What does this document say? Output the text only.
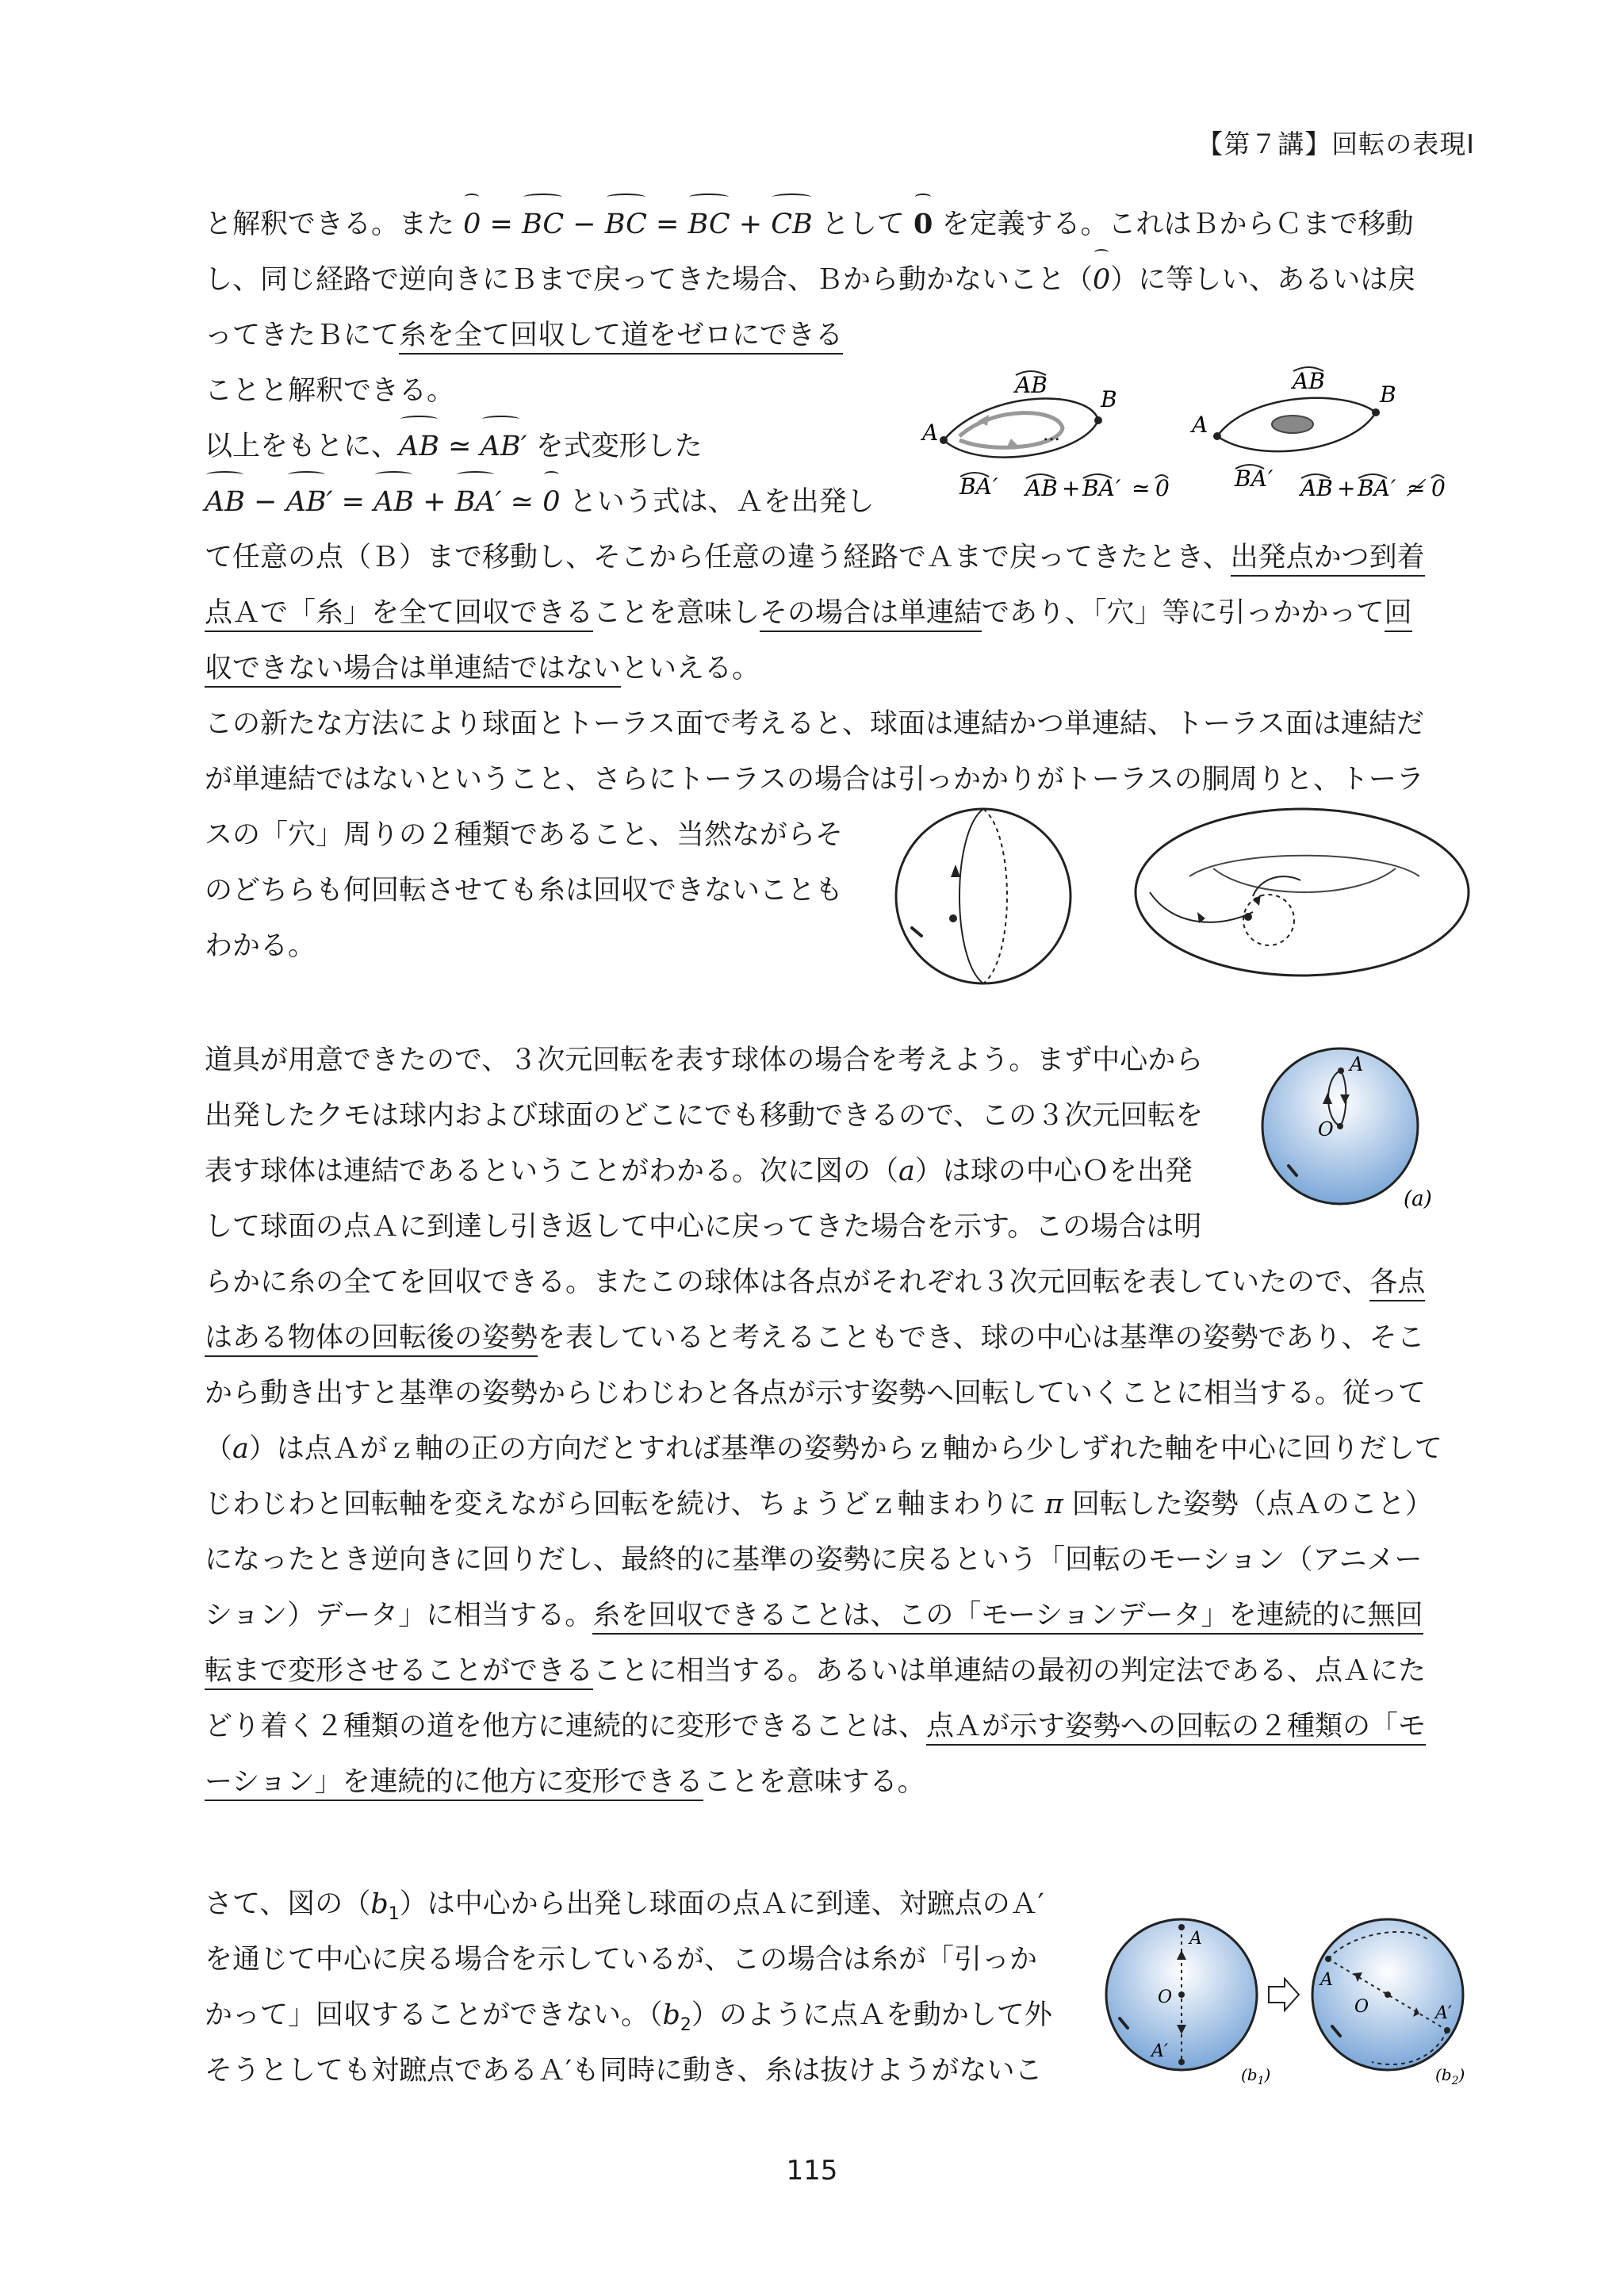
【第７講】回転の表現Ⅰ
と解釈できる。また 0 = BC − BC = BC + CB として 0 を定義する。これはＢからＣまで移動
し、同じ経路で逆向きにＢまで戻ってきた場合、Ｂから動かないこと（0）に等しい、あるいは戻
ってきたＢにて糸を全て回収して道をゼロにできる
ことと解釈できる。
以上をもとに、AB ≃ AB′ を式変形した
AB − AB′ = AB + BA′ ≃ 0 という式は、Ａを出発し
て任意の点（Ｂ）まで移動し、そこから任意の違う経路でＡまで戻ってきたとき、出発点かつ到着
点Ａで「糸」を全て回収できることを意味しその場合は単連結であり、「穴」等に引っかかって回
収できない場合は単連結ではないといえる。
A
B
AB
…
BA ′ AB + BA ′ ≃ 0
A
B
AB
BA ′ AB + BA ′ ≄ 0
この新たな方法により球面とトーラス面で考えると、球面は連結かつ単連結、トーラス面は連結だ
が単連結ではないということ、さらにトーラスの場合は引っかかりがトーラスの胴周りと、トーラ
スの「穴」周りの２種類であること、当然ながらそ
のどちらも何回転させても糸は回収できないことも
わかる。
道具が用意できたので、３次元回転を表す球体の場合を考えよう。まず中心から
出発したクモは球内および球面のどこにでも移動できるので、この３次元回転を
表す球体は連結であるということがわかる。次に図の（a）は球の中心Ｏを出発
して球面の点Ａに到達し引き返して中心に戻ってきた場合を示す。この場合は明
らかに糸の全てを回収できる。またこの球体は各点がそれぞれ３次元回転を表していたので、各点
はある物体の回転後の姿勢を表していると考えることもでき、球の中心は基準の姿勢であり、そこ
から動き出すと基準の姿勢からじわじわと各点が示す姿勢へ回転していくことに相当する。従って
（a）は点Ａがｚ軸の正の方向だとすれば基準の姿勢からｚ軸から少しずれた軸を中心に回りだして
じわじわと回転軸を変えながら回転を続け、ちょうどｚ軸まわりに π 回転した姿勢（点Ａのこと）
になったとき逆向きに回りだし、最終的に基準の姿勢に戻るという「回転のモーション（アニメー
ション）データ」に相当する。糸を回収できることは、この「モーションデータ」を連続的に無回
転まで変形させることができることに相当する。あるいは単連結の最初の判定法である、点Ａにた
どり着く２種類の道を他方に連続的に変形できることは、点Ａが示す姿勢への回転の２種類の「モ
ーション」を連続的に他方に変形できることを意味する。
A
O
(a)
さて、図の$(b_1)$は中心から出発し球面の点Ａに到達、対蹠点のＡ′
を通じて中心に戻る場合を示しているが、この場合は糸が「引っか
かって」回収することができない。$(b_2)$のように点Ａを動かして外
そうとしても対蹠点であるＡ′も同時に動き、糸は抜けようがないこ
A
O
A′
$(b_1)$
A
O	A′
$(b_2)$
115
